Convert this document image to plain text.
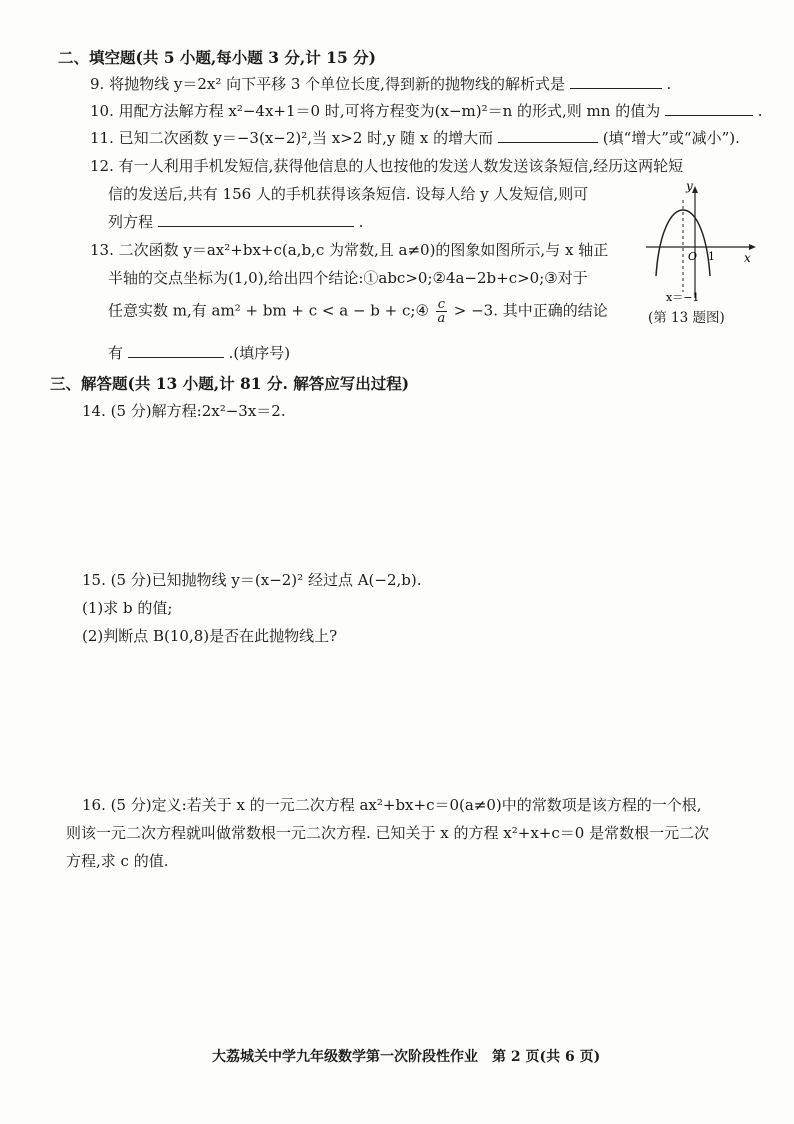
二、填空题(共 5 小题,每小题 3 分,计 15 分)
9. 将抛物线 y＝2x² 向下平移 3 个单位长度,得到新的抛物线的解析式是	.
10. 用配方法解方程 x²−4x+1＝0 时,可将方程变为(x−m)²＝n 的形式,则 mn 的值为	.
11. 已知二次函数 y＝−3(x−2)²,当 x>2 时,y 随 x 的增大而	(填“增大”或“减小”).
12. 有一人利用手机发短信,获得他信息的人也按他的发送人数发送该条短信,经历这两轮短
信的发送后,共有 156 人的手机获得该条短信. 设每人给 y 人发短信,则可
列方程	.
13. 二次函数 y＝ax²+bx+c(a,b,c 为常数,且 a≠0)的图象如图所示,与 x 轴正
半轴的交点坐标为(1,0),给出四个结论:①abc>0;②4a−2b+c>0;③对于
任意实数 m,有 am² + bm + c < a − b + c;④ $\frac{c}{a} > -3$. 其中正确的结论
有	.(填序号)
y
x
O 1
x＝−1
(第 13 题图)
三、解答题(共 13 小题,计 81 分. 解答应写出过程)
14. (5 分)解方程:2x²−3x＝2.
15. (5 分)已知抛物线 y＝(x−2)² 经过点 A(−2,b).
(1)求 b 的值;
(2)判断点 B(10,8)是否在此抛物线上?
16. (5 分)定义:若关于 x 的一元二次方程 ax²+bx+c＝0(a≠0)中的常数项是该方程的一个根,
则该一元二次方程就叫做常数根一元二次方程. 已知关于 x 的方程 x²+x+c＝0 是常数根一元二次
方程,求 c 的值.
大荔城关中学九年级数学第一次阶段性作业　第 2 页(共 6 页)
